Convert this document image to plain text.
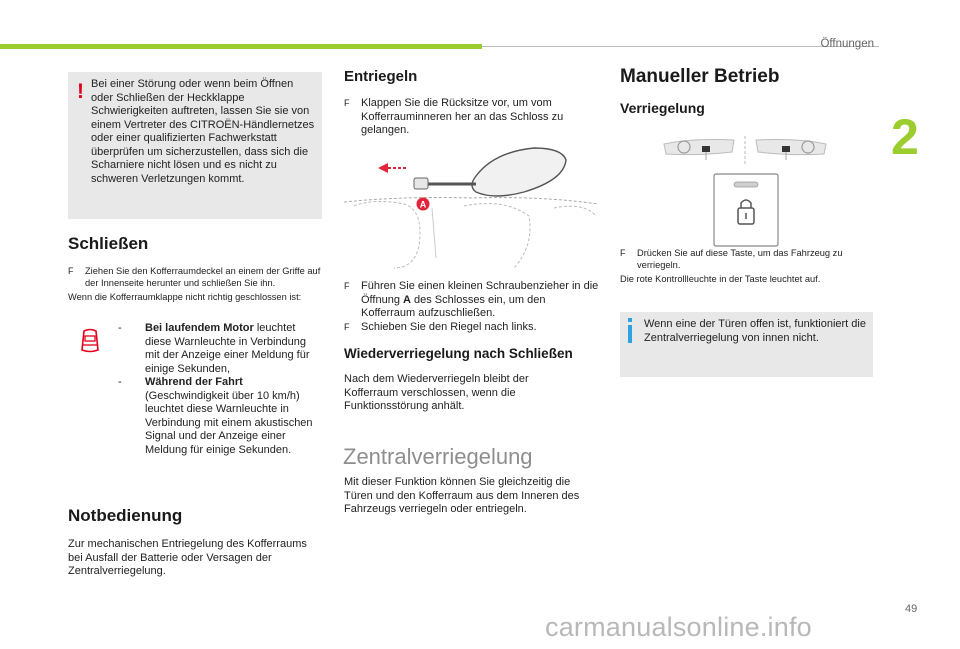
Öffnungen
2
! Bei einer Störung oder wenn beim Öffnen oder Schließen der Heckklappe Schwierigkeiten auftreten, lassen Sie sie von einem Vertreter des CITROËN-Händlernetzes oder einer qualifizierten Fachwerkstatt überprüfen um sicherzustellen, dass sich die Scharniere nicht lösen und es nicht zu schweren Verletzungen kommt.
Schließen
F Ziehen Sie den Kofferraumdeckel an einem der Griffe auf der Innenseite herunter und schließen Sie ihn.
Wenn die Kofferraumklappe nicht richtig geschlossen ist:
- Bei laufendem Motor leuchtet diese Warnleuchte in Verbindung mit der Anzeige einer Meldung für einige Sekunden,
- Während der Fahrt (Geschwindigkeit über 10 km/h) leuchtet diese Warnleuchte in Verbindung mit einem akustischen Signal und der Anzeige einer Meldung für einige Sekunden.
Notbedienung
Zur mechanischen Entriegelung des Kofferraums bei Ausfall der Batterie oder Versagen der Zentralverriegelung.
Entriegeln
F Klappen Sie die Rücksitze vor, um vom Kofferrauminneren her an das Schloss zu gelangen.
A
F Führen Sie einen kleinen Schraubenzieher in die Öffnung A des Schlosses ein, um den Kofferraum aufzuschließen.
F Schieben Sie den Riegel nach links.
Wiederverriegelung nach Schließen
Nach dem Wiederverriegeln bleibt der Kofferraum verschlossen, wenn die Funktionsstörung anhält.
Zentralverriegelung
Mit dieser Funktion können Sie gleichzeitig die Türen und den Kofferraum aus dem Inneren des Fahrzeugs verriegeln oder entriegeln.
Manueller Betrieb
Verriegelung
F Drücken Sie auf diese Taste, um das Fahrzeug zu verriegeln.
Die rote Kontrollleuchte in der Taste leuchtet auf.
Wenn eine der Türen offen ist, funktioniert die Zentralverriegelung von innen nicht.
49
carmanualsonline.info
